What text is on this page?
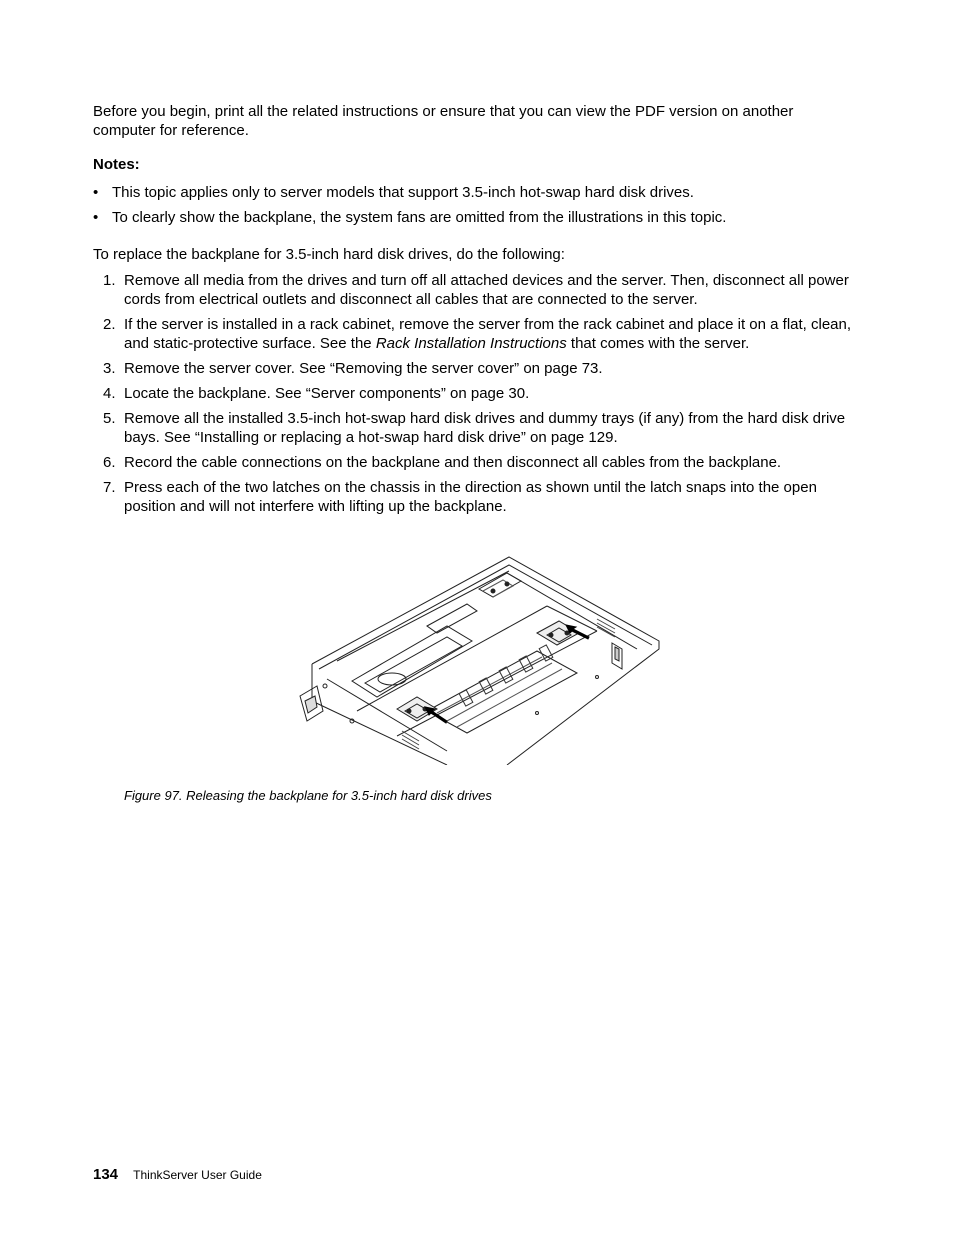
Before you begin, print all the related instructions or ensure that you can view the PDF version on another computer for reference.

Notes:

• This topic applies only to server models that support 3.5-inch hot-swap hard disk drives.
• To clearly show the backplane, the system fans are omitted from the illustrations in this topic.

To replace the backplane for 3.5-inch hard disk drives, do the following:

1. Remove all media from the drives and turn off all attached devices and the server. Then, disconnect all power cords from electrical outlets and disconnect all cables that are connected to the server.
2. If the server is installed in a rack cabinet, remove the server from the rack cabinet and place it on a flat, clean, and static-protective surface. See the Rack Installation Instructions that comes with the server.
3. Remove the server cover. See “Removing the server cover” on page 73.
4. Locate the backplane. See “Server components” on page 30.
5. Remove all the installed 3.5-inch hot-swap hard disk drives and dummy trays (if any) from the hard disk drive bays. See “Installing or replacing a hot-swap hard disk drive” on page 129.
6. Record the cable connections on the backplane and then disconnect all cables from the backplane.
7. Press each of the two latches on the chassis in the direction as shown until the latch snaps into the open position and will not interfere with lifting up the backplane.

Figure 97. Releasing the backplane for 3.5-inch hard disk drives

134 ThinkServer User Guide
